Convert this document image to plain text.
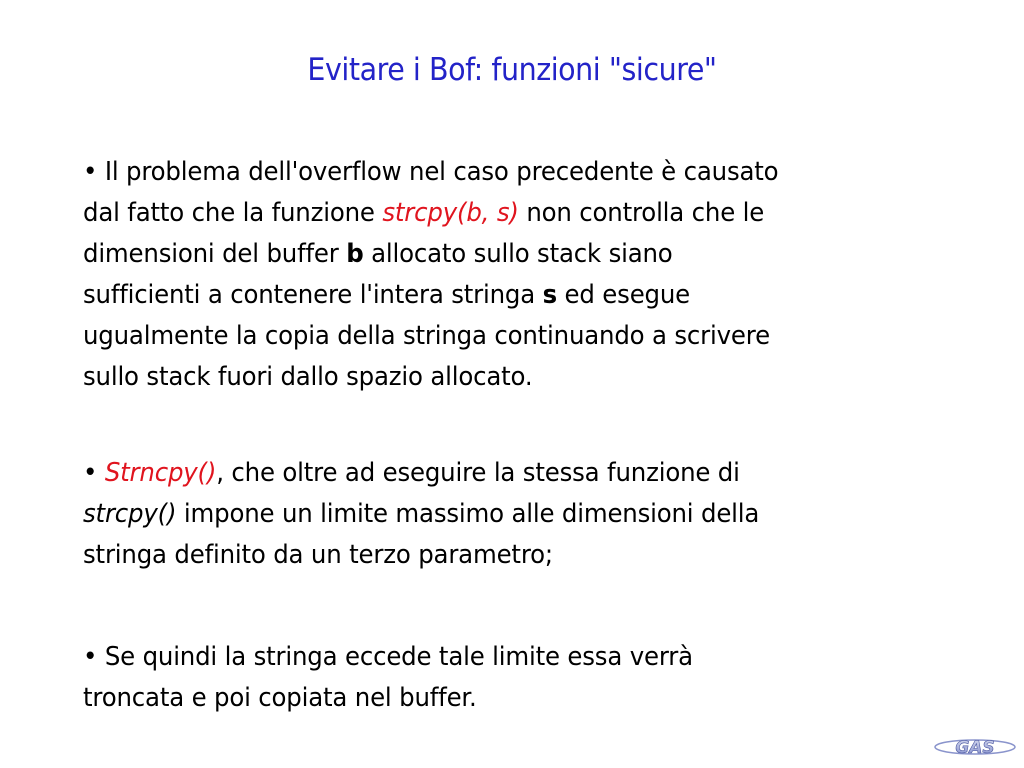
Evitare i Bof: funzioni "sicure"
• Il problema dell'overflow nel caso precedente è causato
dal fatto che la funzione strcpy(b, s) non controlla che le
dimensioni del buffer b allocato sullo stack siano
sufficienti a contenere l'intera stringa s ed esegue
ugualmente la copia della stringa continuando a scrivere
sullo stack fuori dallo spazio allocato.
• Strncpy(), che oltre ad eseguire la stessa funzione di
strcpy() impone un limite massimo alle dimensioni della
stringa definito da un terzo parametro;
• Se quindi la stringa eccede tale limite essa verrà
troncata e poi copiata nel buffer.
GAS
